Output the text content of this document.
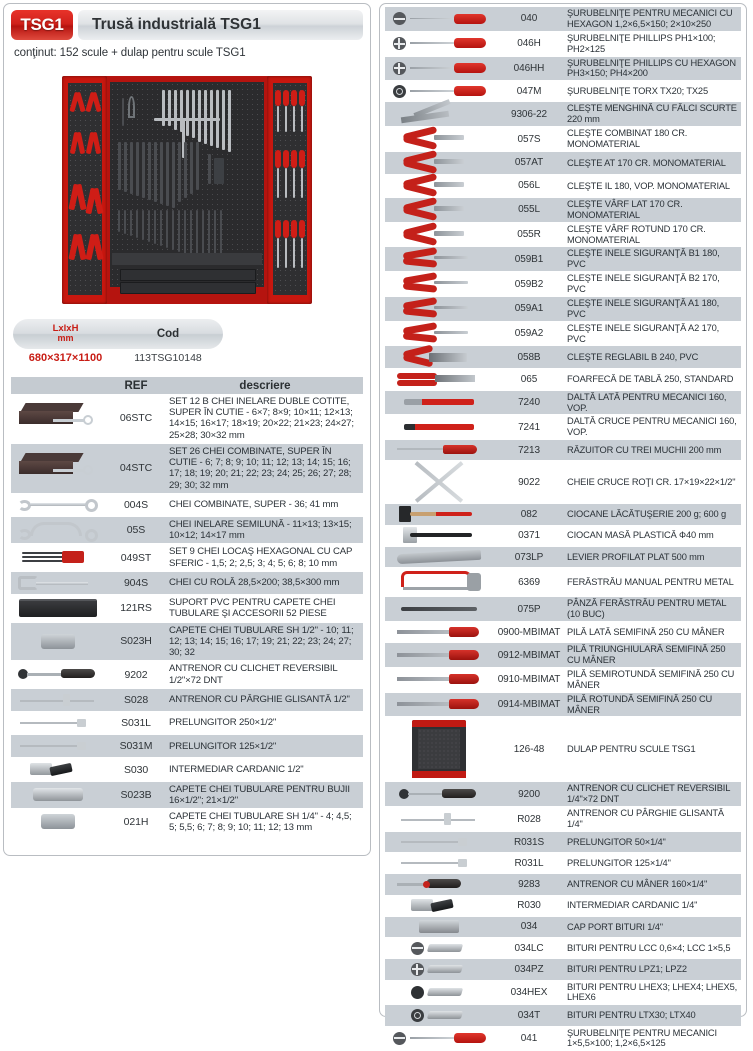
TSG1	Trusă industrială TSG1
conţinut: 152 scule + dulap pentru scule TSG1
LxlxH
mm	Cod
680×317×1100	113TSG10148
	REF	descriere

	06STC	SET 12 B CHEI INELARE DUBLE COTITE, SUPER ÎN CUTIE - 6×7; 8×9; 10×11; 12×13; 14×15; 16×17; 18×19; 20×22; 21×23; 24×27; 25×28; 30×32 mm

	04STC	SET 26 CHEI COMBINATE, SUPER ÎN CUTIE - 6; 7; 8; 9; 10; 11; 12; 13; 14; 15; 16; 17; 18; 19; 20; 21; 22; 23; 24; 25; 26; 27; 28; 29; 30; 32 mm

	004S	CHEI COMBINATE, SUPER - 36; 41 mm

	05S	CHEI INELARE SEMILUNĂ - 11×13; 13×15; 10×12; 14×17 mm

	049ST	SET 9 CHEI LOCAŞ HEXAGONAL CU CAP SFERIC - 1,5; 2; 2,5; 3; 4; 5; 6; 8; 10 mm

	904S	CHEI CU ROLĂ 28,5×200; 38,5×300 mm
	121RS	SUPORT PVC PENTRU CAPETE CHEI TUBULARE ŞI ACCESORII 52 PIESE
	S023H	CAPETE CHEI TUBULARE SH 1/2" - 10; 11; 12; 13; 14; 15; 16; 17; 19; 21; 22; 23; 24; 27; 30; 32

	9202	ANTRENOR CU CLICHET REVERSIBIL 1/2"×72 DNT

	S028	ANTRENOR CU PÂRGHIE GLISANTĂ 1/2"

	S031L	PRELUNGITOR 250×1/2"

	S031M	PRELUNGITOR 125×1/2"

	S030	INTERMEDIAR CARDANIC 1/2"
	S023B	CAPETE CHEI TUBULARE PENTRU BUJII 16×1/2"; 21×1/2"
	021H	CAPETE CHEI TUBULARE SH 1/4" - 4; 4,5; 5; 5,5; 6; 7; 8; 9; 10; 11; 12; 13 mm
	040	ŞURUBELNIŢE PENTRU MECANICI CU HEXAGON 1,2×6,5×150; 2×10×250

	046H	ŞURUBELNIŢE PHILLIPS PH1×100; PH2×125

	046HH	ŞURUBELNIŢE PHILLIPS CU HEXAGON PH3×150; PH4×200

	047M	ŞURUBELNIŢE TORX TX20; TX25

	9306-22	CLEŞTE MENGHINĂ CU FĂLCI SCURTE 220 mm

	057S	CLEŞTE COMBINAT 180 CR. MONOMATERIAL

	057AT	CLEŞTE AT 170 CR. MONOMATERIAL

	056L	CLEŞTE IL 180, VOP. MONOMATERIAL

	055L	CLEŞTE VÂRF LAT 170 CR. MONOMATERIAL

	055R	CLEŞTE VÂRF ROTUND 170 CR. MONOMATERIAL

	059B1	CLEŞTE INELE SIGURANŢĂ B1 180, PVC

	059B2	CLEŞTE INELE SIGURANŢĂ B2 170, PVC

	059A1	CLEŞTE INELE SIGURANŢĂ A1 180, PVC

	059A2	CLEŞTE INELE SIGURANŢĂ A2 170, PVC

	058B	CLEŞTE REGLABIL B 240, PVC

	065	FOARFECĂ DE TABLĂ 250, STANDARD
	7240	DALTĂ LATĂ PENTRU MECANICI 160, VOP.
	7241	DALTĂ CRUCE PENTRU MECANICI 160, VOP.

	7213	RĂZUITOR CU TREI MUCHII 200 mm

	9022	CHEIE CRUCE ROŢI CR. 17×19×22×1/2"

	082	CIOCANE LĂCĂTUŞERIE 200 g; 600 g

	0371	CIOCAN MASĂ PLASTICĂ Ф40 mm
	073LP	LEVIER PROFILAT PLAT 500 mm

	6369	FERĂSTRĂU MANUAL PENTRU METAL
	075P	PÂNZĂ FERĂSTRĂU PENTRU METAL (10 BUC)

	0900-MBIMAT	PILĂ LATĂ SEMIFINĂ 250 CU MÂNER

	0912-MBIMAT	PILĂ TRIUNGHIULARĂ SEMIFINĂ 250 CU MÂNER

	0910-MBIMAT	PILĂ SEMIROTUNDĂ SEMIFINĂ 250 CU MÂNER

	0914-MBIMAT	PILĂ ROTUNDĂ SEMIFINĂ 250 CU MÂNER

	126-48	DULAP PENTRU SCULE TSG1

	9200	ANTRENOR CU CLICHET REVERSIBIL 1/4"×72 DNT

	R028	ANTRENOR CU PÂRGHIE GLISANTĂ 1/4"

	R031S	PRELUNGITOR 50×1/4"

	R031L	PRELUNGITOR 125×1/4"

	9283	ANTRENOR CU MÂNER 160×1/4"

	R030	INTERMEDIAR CARDANIC 1/4"
	034	CAP PORT BITURI 1/4"

	034LC	BITURI PENTRU LCC 0,6×4; LCC 1×5,5

	034PZ	BITURI PENTRU LPZ1; LPZ2

	034HEX	BITURI PENTRU LHEX3; LHEX4; LHEX5, LHEX6

	034T	BITURI PENTRU LTX30; LTX40

	041	ŞURUBELNIŢE PENTRU MECANICI 1×5,5×100; 1,2×6,5×125
